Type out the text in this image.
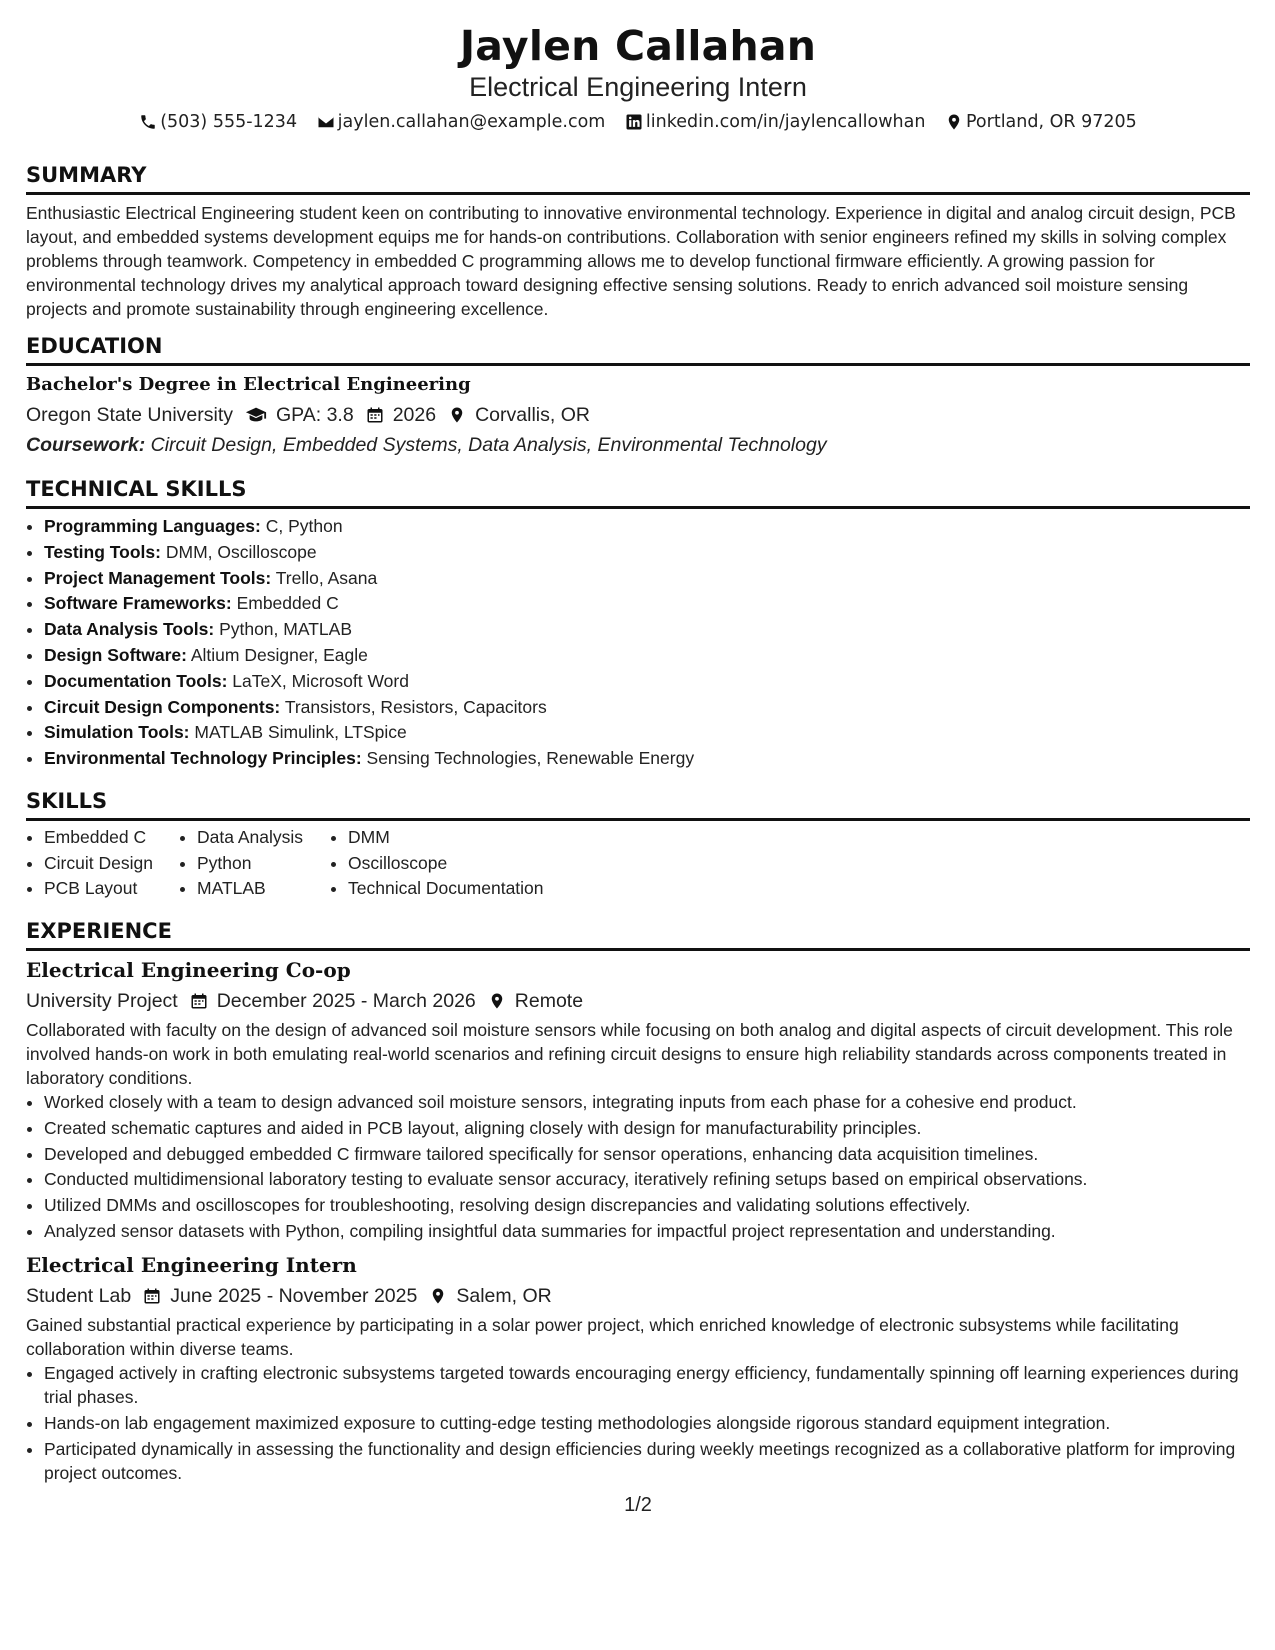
Jaylen Callahan
Electrical Engineering Intern
(503) 555-1234
jaylen.callahan@example.com
linkedin.com/in/jaylencallowhan
Portland, OR 97205
SUMMARY

Enthusiastic Electrical Engineering student keen on contributing to innovative environmental technology. Experience in digital and analog circuit design, PCB layout, and embedded systems development equips me for hands-on contributions. Collaboration with senior engineers refined my skills in solving complex problems through teamwork. Competency in embedded C programming allows me to develop functional firmware efficiently. A growing passion for environmental technology drives my analytical approach toward designing effective sensing solutions. Ready to enrich advanced soil moisture sensing projects and promote sustainability through engineering excellence.

EDUCATION
Bachelor's Degree in Electrical Engineering
Oregon State University GPA: 3.8 2026 Corvallis, OR
Coursework: Circuit Design, Embedded Systems, Data Analysis, Environmental Technology
TECHNICAL SKILLS
• Programming Languages: C, Python
• Testing Tools: DMM, Oscilloscope
• Project Management Tools: Trello, Asana
• Software Frameworks: Embedded C
• Data Analysis Tools: Python, MATLAB
• Design Software: Altium Designer, Eagle
• Documentation Tools: LaTeX, Microsoft Word
• Circuit Design Components: Transistors, Resistors, Capacitors
• Simulation Tools: MATLAB Simulink, LTSpice
• Environmental Technology Principles: Sensing Technologies, Renewable Energy
SKILLS
• Embedded C
• Circuit Design
• PCB Layout
• Data Analysis
• Python
• MATLAB
• DMM
• Oscilloscope
• Technical Documentation
EXPERIENCE
Electrical Engineering Co-op
University Project December 2025 - March 2026 Remote

Collaborated with faculty on the design of advanced soil moisture sensors while focusing on both analog and digital aspects of circuit development. This role involved hands-on work in both emulating real-world scenarios and refining circuit designs to ensure high reliability standards across components treated in laboratory conditions.

• Worked closely with a team to design advanced soil moisture sensors, integrating inputs from each phase for a cohesive end product.
• Created schematic captures and aided in PCB layout, aligning closely with design for manufacturability principles.
• Developed and debugged embedded C firmware tailored specifically for sensor operations, enhancing data acquisition timelines.
• Conducted multidimensional laboratory testing to evaluate sensor accuracy, iteratively refining setups based on empirical observations.
• Utilized DMMs and oscilloscopes for troubleshooting, resolving design discrepancies and validating solutions effectively.
• Analyzed sensor datasets with Python, compiling insightful data summaries for impactful project representation and understanding.
Electrical Engineering Intern
Student Lab June 2025 - November 2025 Salem, OR

Gained substantial practical experience by participating in a solar power project, which enriched knowledge of electronic subsystems while facilitating collaboration within diverse teams.

• Engaged actively in crafting electronic subsystems targeted towards encouraging energy efficiency, fundamentally spinning off learning experiences during trial phases.
• Hands-on lab engagement maximized exposure to cutting-edge testing methodologies alongside rigorous standard equipment integration.
• Participated dynamically in assessing the functionality and design efficiencies during weekly meetings recognized as a collaborative platform for improving project outcomes.
1/2
